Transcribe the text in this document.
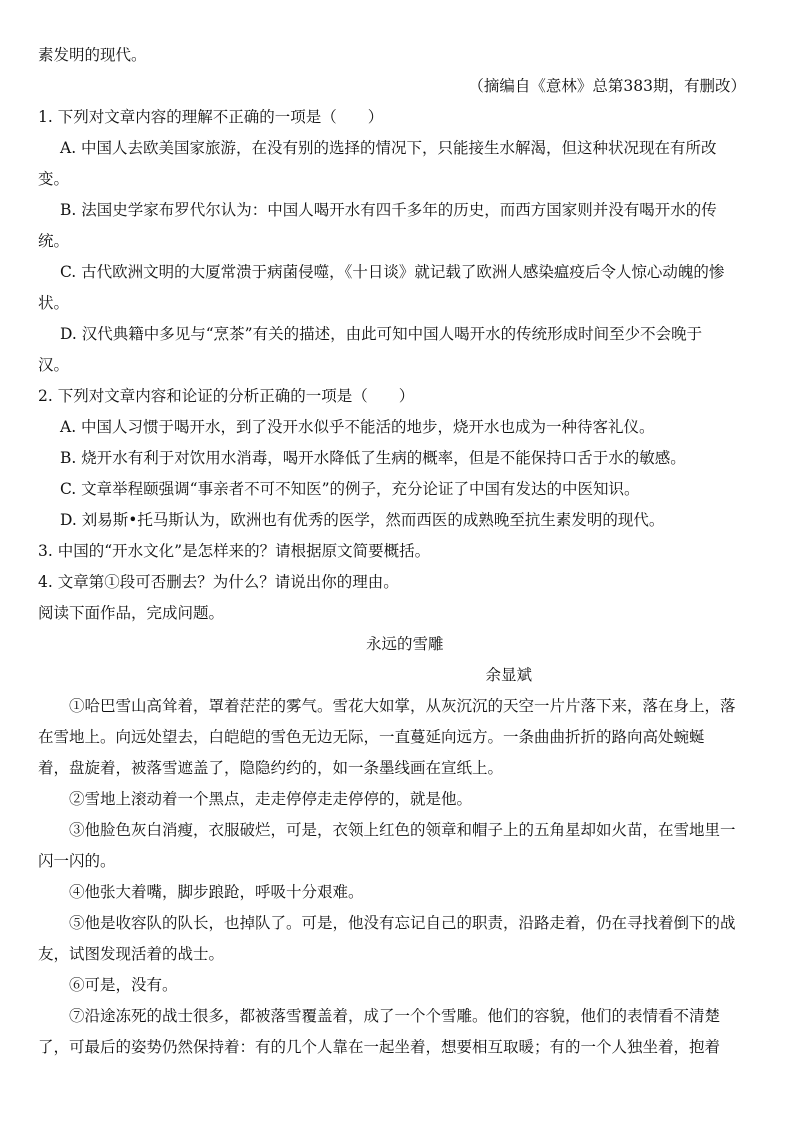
素发明的现代。
（摘编自《意林》总第383期，有删改）
1. 下列对文章内容的理解不正确的一项是（　　）
A. 中国人去欧美国家旅游，在没有别的选择的情况下，只能接生水解渴，但这种状况现在有所改
变。
B. 法国史学家布罗代尔认为：中国人喝开水有四千多年的历史，而西方国家则并没有喝开水的传
统。
C. 古代欧洲文明的大厦常溃于病菌侵噬，《十日谈》就记载了欧洲人感染瘟疫后令人惊心动魄的惨
状。
D. 汉代典籍中多见与“烹茶”有关的描述，由此可知中国人喝开水的传统形成时间至少不会晚于
汉。
2. 下列对文章内容和论证的分析正确的一项是（　　）
A. 中国人习惯于喝开水，到了没开水似乎不能活的地步，烧开水也成为一种待客礼仪。
B. 烧开水有利于对饮用水消毒，喝开水降低了生病的概率，但是不能保持口舌于水的敏感。
C. 文章举程颐强调“事亲者不可不知医”的例子，充分论证了中国有发达的中医知识。
D. 刘易斯•托马斯认为，欧洲也有优秀的医学，然而西医的成熟晚至抗生素发明的现代。
3. 中国的“开水文化”是怎样来的？请根据原文简要概括。
4. 文章第①段可否删去？为什么？请说出你的理由。
阅读下面作品，完成问题。
永远的雪雕
余显斌
①哈巴雪山高耸着，罩着茫茫的雾气。雪花大如掌，从灰沉沉的天空一片片落下来，落在身上，落
在雪地上。向远处望去，白皑皑的雪色无边无际，一直蔓延向远方。一条曲曲折折的路向高处蜿蜒
着，盘旋着，被落雪遮盖了，隐隐约约的，如一条墨线画在宣纸上。
②雪地上滚动着一个黑点，走走停停走走停停的，就是他。
③他脸色灰白消瘦，衣服破烂，可是，衣领上红色的领章和帽子上的五角星却如火苗，在雪地里一
闪一闪的。
④他张大着嘴，脚步踉跄，呼吸十分艰难。
⑤他是收容队的队长，也掉队了。可是，他没有忘记自己的职责，沿路走着，仍在寻找着倒下的战
友，试图发现活着的战士。
⑥可是，没有。
⑦沿途冻死的战士很多，都被落雪覆盖着，成了一个个雪雕。他们的容貌，他们的表情看不清楚
了，可最后的姿势仍然保持着：有的几个人靠在一起坐着，想要相互取暖；有的一个人独坐着，抱着
